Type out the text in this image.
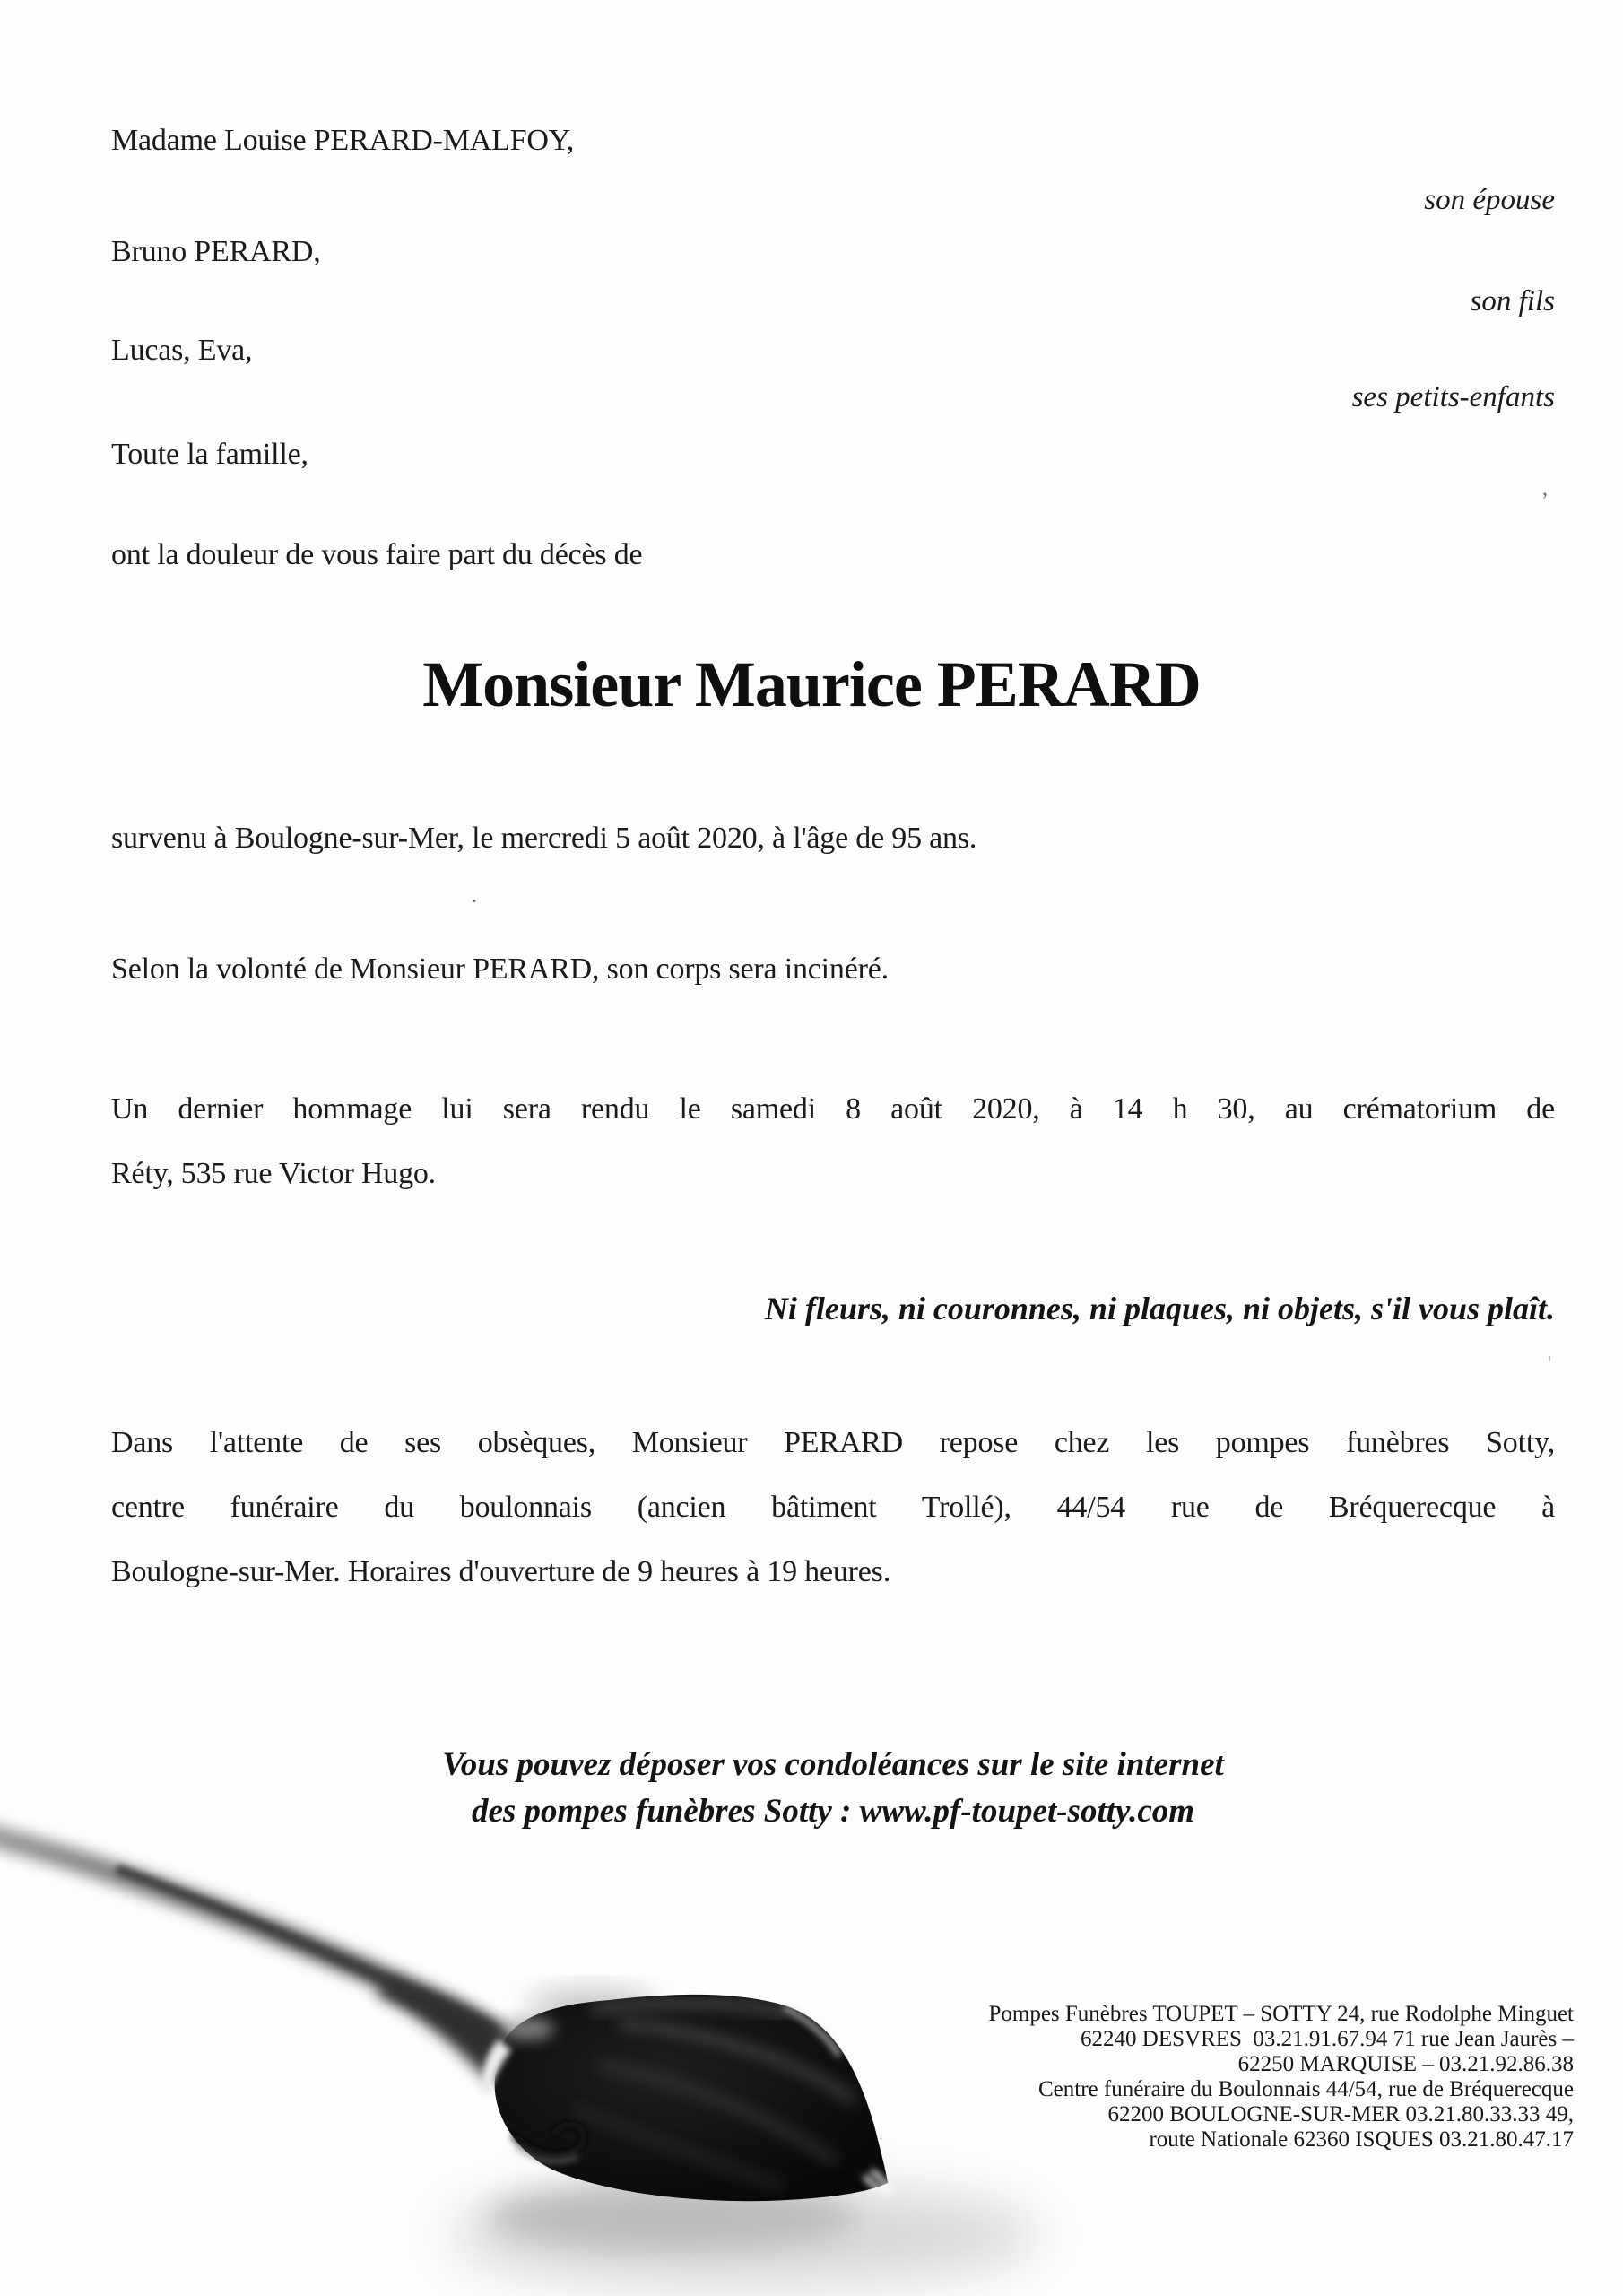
Madame Louise PERARD-MALFOY,
son épouse
Bruno PERARD,
son fils
Lucas, Eva,
ses petits-enfants
Toute la famille,
ont la douleur de vous faire part du décès de
Monsieur Maurice PERARD
survenu à Boulogne-sur-Mer, le mercredi 5 août 2020, à l'âge de 95 ans.
Selon la volonté de Monsieur PERARD, son corps sera incinéré.
Un dernier hommage lui sera rendu le samedi 8 août 2020, à 14 h 30, au crématorium de
Réty, 535 rue Victor Hugo.
Ni fleurs, ni couronnes, ni plaques, ni objets, s'il vous plaît.
Dans l'attente de ses obsèques, Monsieur PERARD repose chez les pompes funèbres Sotty,
centre funéraire du boulonnais (ancien bâtiment Trollé), 44/54 rue de Bréquerecque à
Boulogne-sur-Mer. Horaires d'ouverture de 9 heures à 19 heures.
Vous pouvez déposer vos condoléances sur le site internet
des pompes funèbres Sotty : www.pf-toupet-sotty.com
Pompes Funèbres TOUPET – SOTTY 24, rue Rodolphe Minguet
62240 DESVRES  03.21.91.67.94 71 rue Jean Jaurès –
62250 MARQUISE – 03.21.92.86.38
Centre funéraire du Boulonnais 44/54, rue de Bréquerecque
62200 BOULOGNE-SUR-MER 03.21.80.33.33 49,
route Nationale 62360 ISQUES 03.21.80.47.17
,
.
'
